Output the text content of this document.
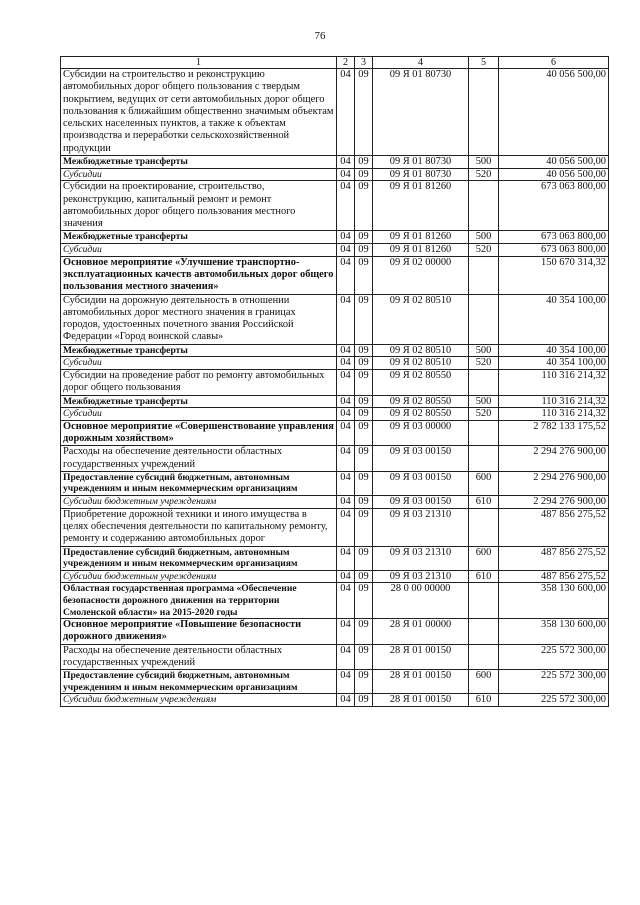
76
1	2	3	4	5	6
Субсидии на строительство и реконструкцию автомобильных дорог общего пользования с твердым покрытием, ведущих от сети автомобильных дорог общего пользования к ближайшим общественно значимым объектам сельских населенных пунктов, а также к объектам производства и переработки сельскохозяйственной продукции	04	09	09 Я 01 80730		40 056 500,00
Межбюджетные трансферты	04	09	09 Я 01 80730	500	40 056 500,00
Субсидии	04	09	09 Я 01 80730	520	40 056 500,00
Субсидии на проектирование, строительство, реконструкцию, капитальный ремонт и ремонт автомобильных дорог общего пользования местного значения	04	09	09 Я 01 81260		673 063 800,00
Межбюджетные трансферты	04	09	09 Я 01 81260	500	673 063 800,00
Субсидии	04	09	09 Я 01 81260	520	673 063 800,00
Основное мероприятие «Улучшение транспортно-эксплуатационных качеств автомобильных дорог общего пользования местного значения»	04	09	09 Я 02 00000		150 670 314,32
Субсидии на дорожную деятельность в отношении автомобильных дорог местного значения в границах городов, удостоенных почетного звания Российской Федерации «Город воинской славы»	04	09	09 Я 02 80510		40 354 100,00
Межбюджетные трансферты	04	09	09 Я 02 80510	500	40 354 100,00
Субсидии	04	09	09 Я 02 80510	520	40 354 100,00
Субсидии на проведение работ по ремонту автомобильных дорог общего пользования	04	09	09 Я 02 80550		110 316 214,32
Межбюджетные трансферты	04	09	09 Я 02 80550	500	110 316 214,32
Субсидии	04	09	09 Я 02 80550	520	110 316 214,32
Основное мероприятие «Совершенствование управления дорожным хозяйством»	04	09	09 Я 03 00000		2 782 133 175,52
Расходы на обеспечение деятельности областных государственных учреждений	04	09	09 Я 03 00150		2 294 276 900,00
Предоставление субсидий бюджетным, автономным учреждениям и иным некоммерческим организациям	04	09	09 Я 03 00150	600	2 294 276 900,00
Субсидии бюджетным учреждениям	04	09	09 Я 03 00150	610	2 294 276 900,00
Приобретение дорожной техники и иного имущества в целях обеспечения деятельности по капитальному ремонту, ремонту и содержанию автомобильных дорог	04	09	09 Я 03 21310		487 856 275,52
Предоставление субсидий бюджетным, автономным учреждениям и иным некоммерческим организациям	04	09	09 Я 03 21310	600	487 856 275,52
Субсидии бюджетным учреждениям	04	09	09 Я 03 21310	610	487 856 275,52
Областная государственная программа «Обеспечение безопасности дорожного движения на территории Смоленской области» на 2015-2020 годы	04	09	28 0 00 00000		358 130 600,00
Основное мероприятие «Повышение безопасности дорожного движения»	04	09	28 Я 01 00000		358 130 600,00
Расходы на обеспечение деятельности областных государственных учреждений	04	09	28 Я 01 00150		225 572 300,00
Предоставление субсидий бюджетным, автономным учреждениям и иным некоммерческим организациям	04	09	28 Я 01 00150	600	225 572 300,00
Субсидии бюджетным учреждениям	04	09	28 Я 01 00150	610	225 572 300,00
